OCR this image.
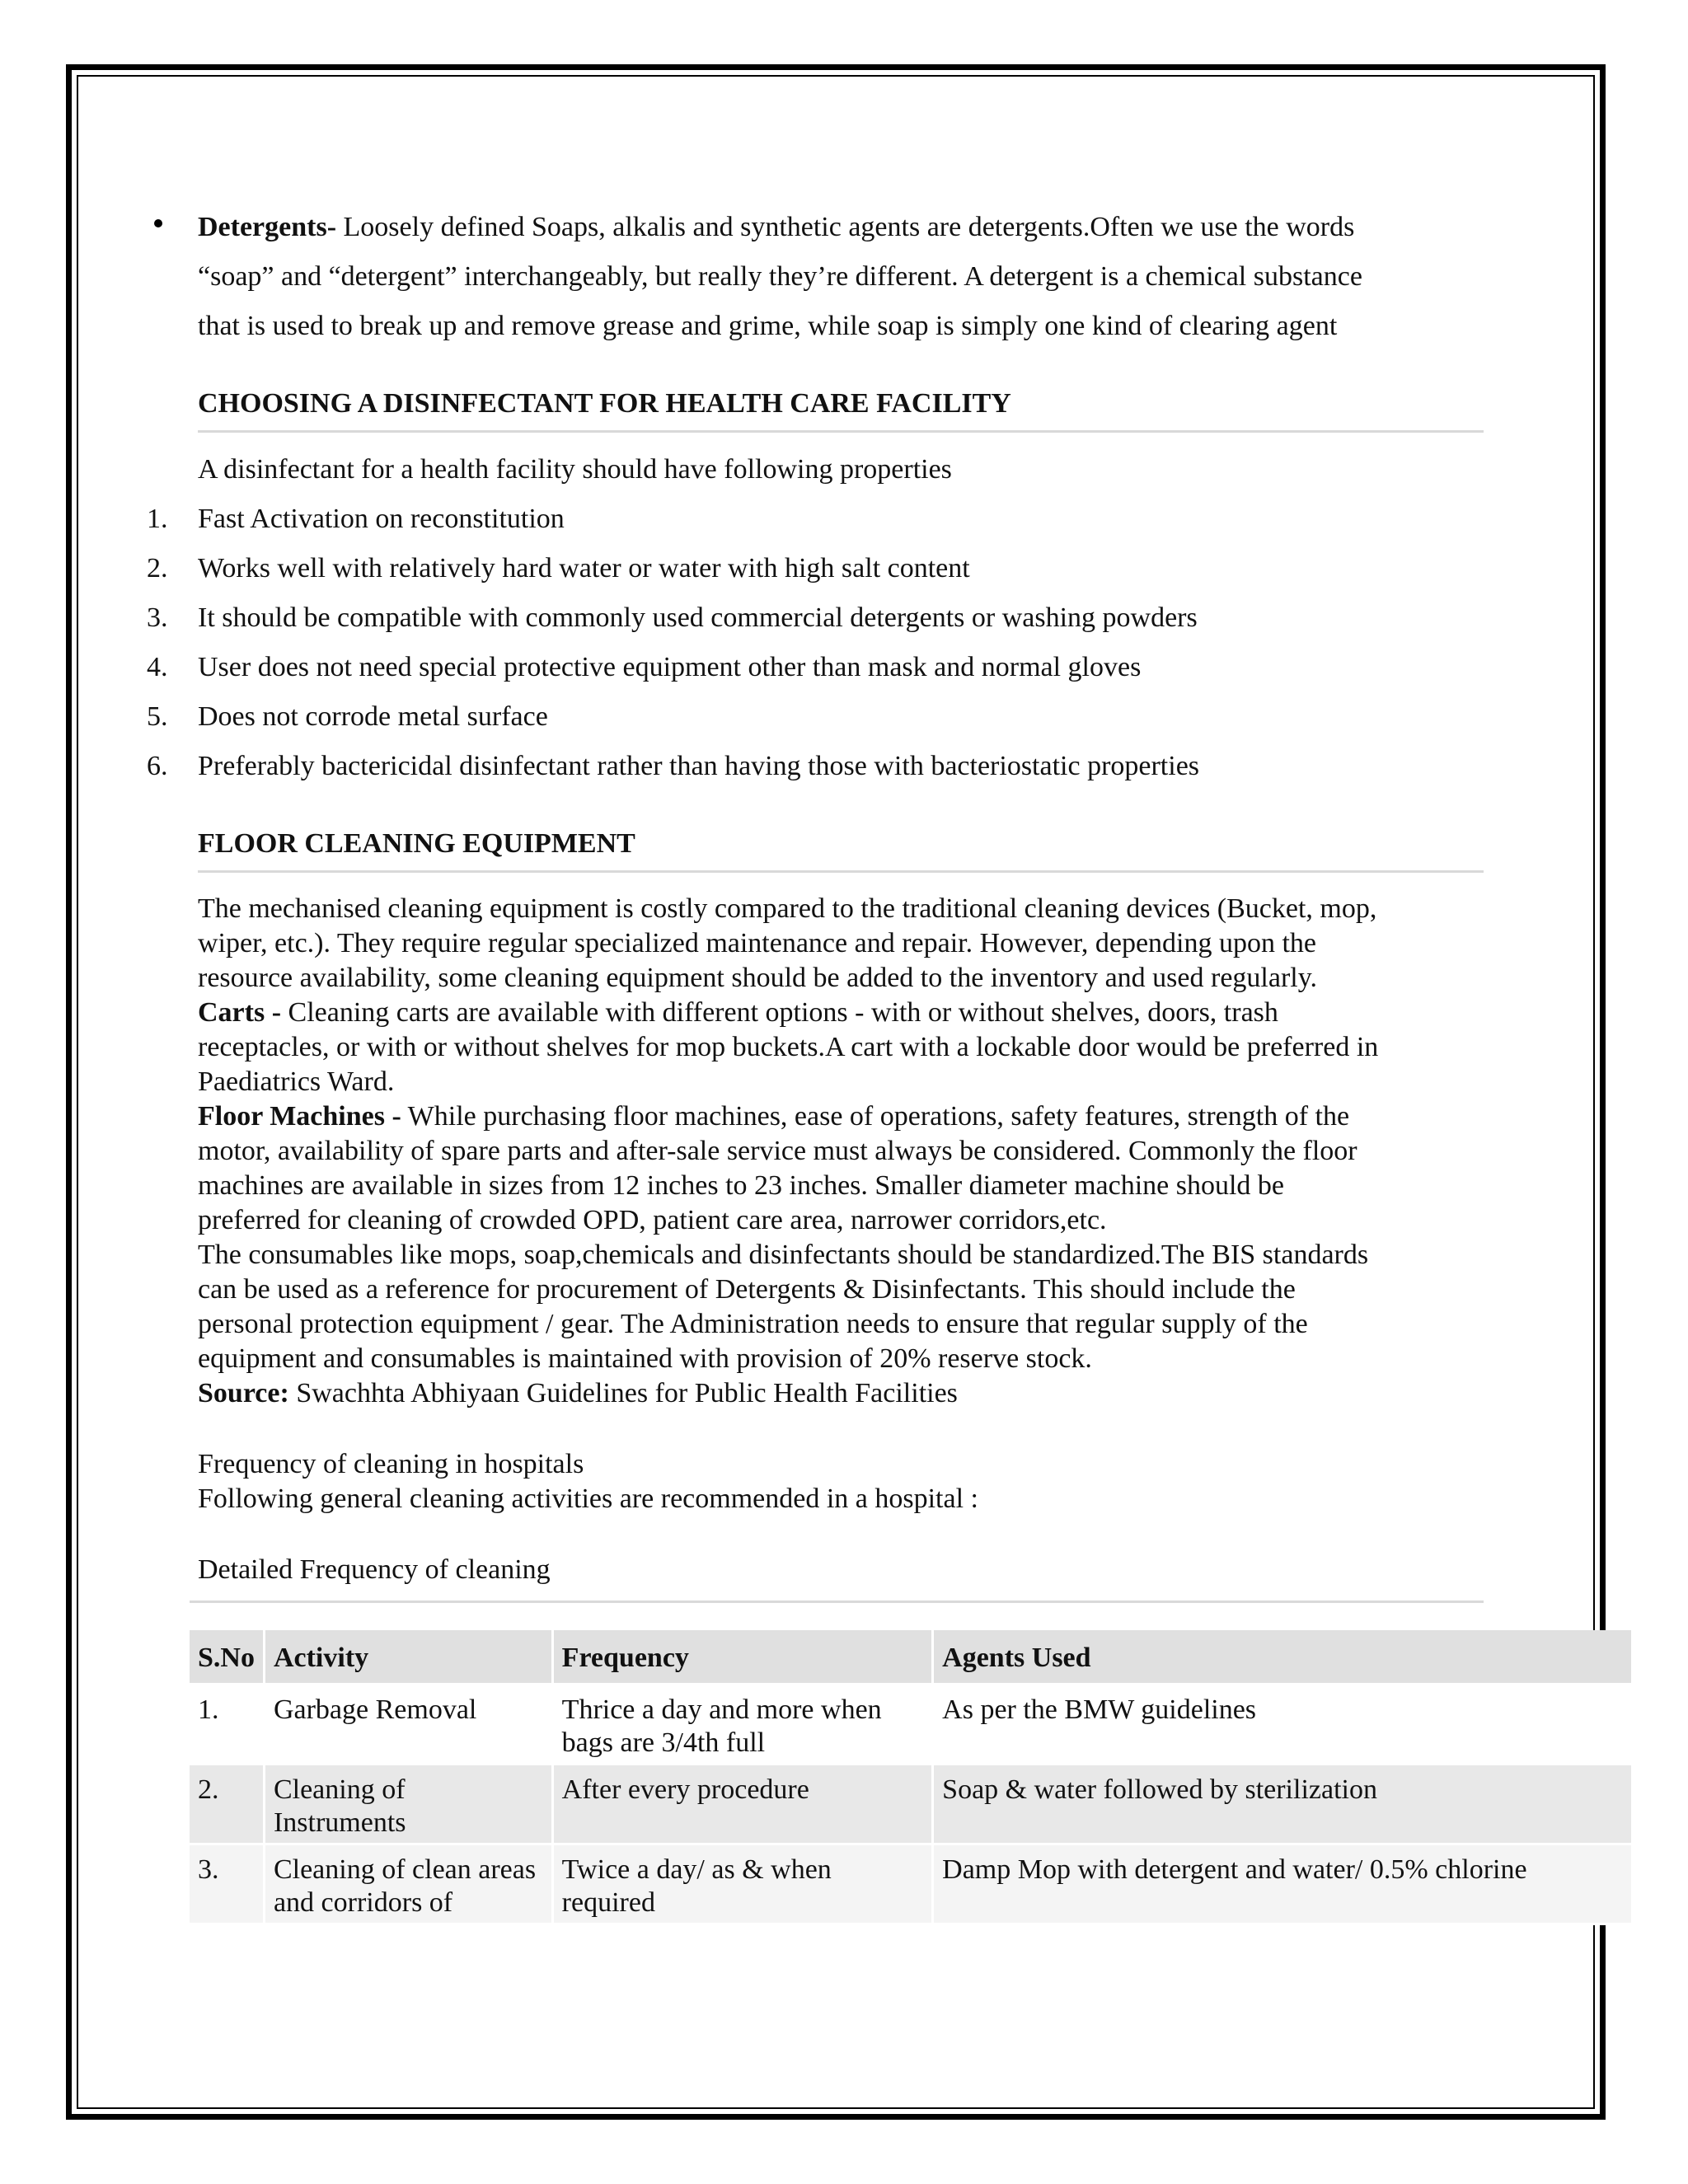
Detergents- Loosely defined Soaps, alkalis and synthetic agents are detergents.Often we use the words
“soap” and “detergent” interchangeably, but really they’re different. A detergent is a chemical substance
that is used to break up and remove grease and grime, while soap is simply one kind of clearing agent
CHOOSING A DISINFECTANT FOR HEALTH CARE FACILITY
A disinfectant for a health facility should have following properties
1. Fast Activation on reconstitution
2. Works well with relatively hard water or water with high salt content
3. It should be compatible with commonly used commercial detergents or washing powders
4. User does not need special protective equipment other than mask and normal gloves
5. Does not corrode metal surface
6. Preferably bactericidal disinfectant rather than having those with bacteriostatic properties
FLOOR CLEANING EQUIPMENT
The mechanised cleaning equipment is costly compared to the traditional cleaning devices (Bucket, mop,
wiper, etc.). They require regular specialized maintenance and repair. However, depending upon the
resource availability, some cleaning equipment should be added to the inventory and used regularly.
Carts - Cleaning carts are available with different options - with or without shelves, doors, trash
receptacles, or with or without shelves for mop buckets.A cart with a lockable door would be preferred in
Paediatrics Ward.
Floor Machines - While purchasing floor machines, ease of operations, safety features, strength of the
motor, availability of spare parts and after-sale service must always be considered. Commonly the floor
machines are available in sizes from 12 inches to 23 inches. Smaller diameter machine should be
preferred for cleaning of crowded OPD, patient care area, narrower corridors,etc.
The consumables like mops, soap,chemicals and disinfectants should be standardized.The BIS standards
can be used as a reference for procurement of Detergents & Disinfectants. This should include the
personal protection equipment / gear. The Administration needs to ensure that regular supply of the
equipment and consumables is maintained with provision of 20% reserve stock.
Source: Swachhta Abhiyaan Guidelines for Public Health Facilities
Frequency of cleaning in hospitals
Following general cleaning activities are recommended in a hospital :
Detailed Frequency of cleaning
S.No	Activity	Frequency	Agents Used
1.	Garbage Removal	Thrice a day and more when bags are 3/4th full	As per the BMW guidelines
2.	Cleaning of Instruments	After every procedure	Soap & water followed by sterilization
3.	Cleaning of clean areas and corridors of	Twice a day/ as & when required	Damp Mop with detergent and water/ 0.5% chlorine
